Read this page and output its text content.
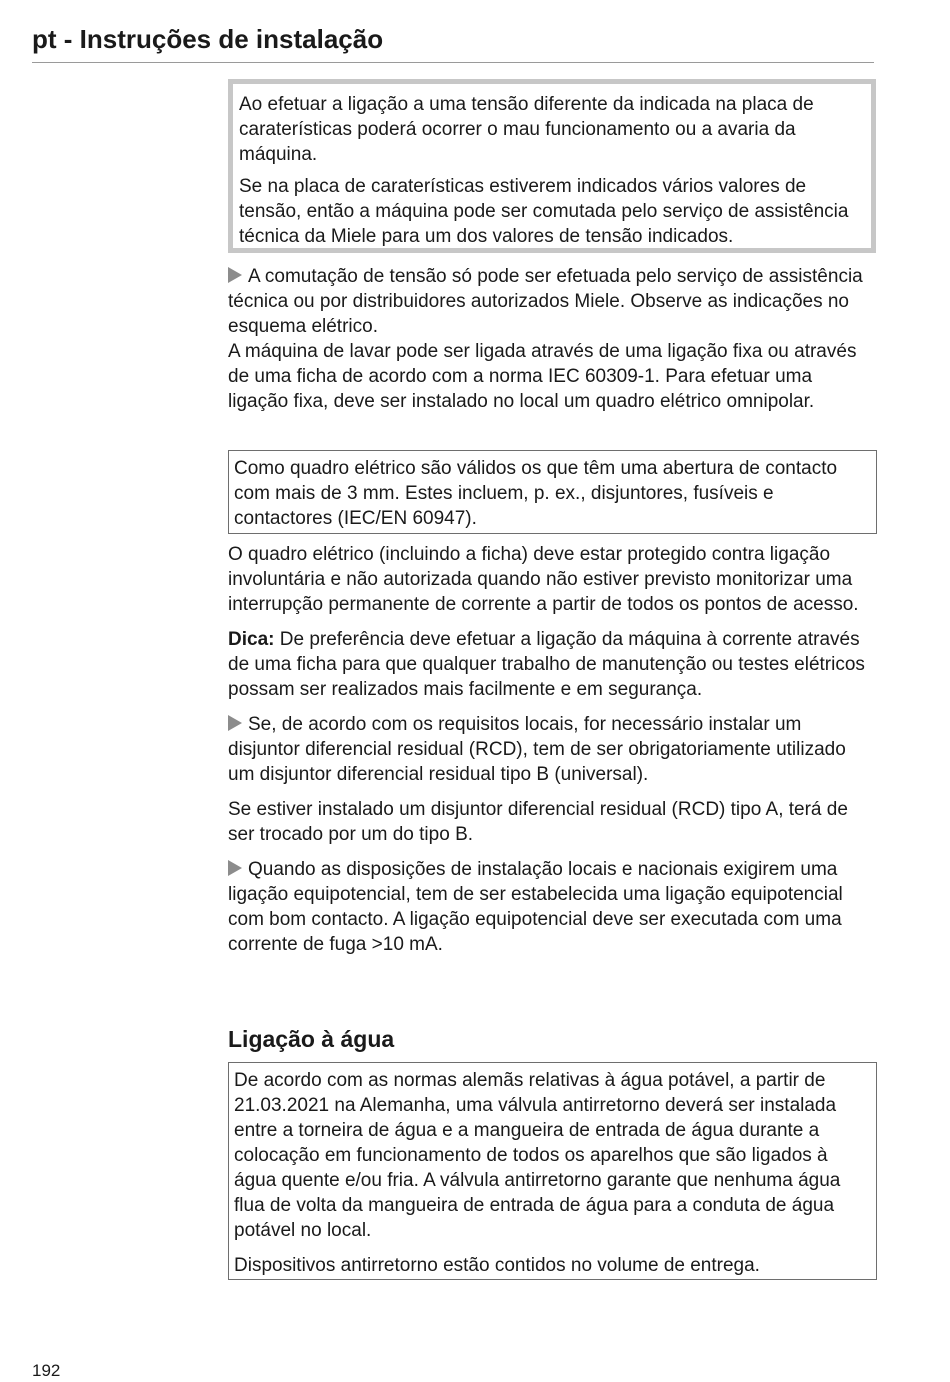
pt - Instruções de instalação

Ao efetuar a ligação a uma tensão diferente da indicada na placa de caraterísticas poderá ocorrer o mau funcionamento ou a avaria da máquina.

Se na placa de caraterísticas estiverem indicados vários valores de tensão, então a máquina pode ser comutada pelo serviço de assistência técnica da Miele para um dos valores de tensão indicados.

A comutação de tensão só pode ser efetuada pelo serviço de assistência técnica ou por distribuidores autorizados Miele. Observe as indicações no esquema elétrico.

A máquina de lavar pode ser ligada através de uma ligação fixa ou através de uma ficha de acordo com a norma IEC 60309-1. Para efetuar uma ligação fixa, deve ser instalado no local um quadro elétrico omnipolar.

Como quadro elétrico são válidos os que têm uma abertura de contacto com mais de 3 mm. Estes incluem, p. ex., disjuntores, fusíveis e contactores (IEC/EN 60947).

O quadro elétrico (incluindo a ficha) deve estar protegido contra ligação involuntária e não autorizada quando não estiver previsto monitorizar uma interrupção permanente de corrente a partir de todos os pontos de acesso.

Dica: De preferência deve efetuar a ligação da máquina à corrente através de uma ficha para que qualquer trabalho de manutenção ou testes elétricos possam ser realizados mais facilmente e em segurança.

Se, de acordo com os requisitos locais, for necessário instalar um disjuntor diferencial residual (RCD), tem de ser obrigatoriamente utilizado um disjuntor diferencial residual tipo B (universal).

Se estiver instalado um disjuntor diferencial residual (RCD) tipo A, terá de ser trocado por um do tipo B.

Quando as disposições de instalação locais e nacionais exigirem uma ligação equipotencial, tem de ser estabelecida uma ligação equipotencial com bom contacto. A ligação equipotencial deve ser executada com uma corrente de fuga >10 mA.

Ligação à água

De acordo com as normas alemãs relativas à água potável, a partir de 21.03.2021 na Alemanha, uma válvula antirretorno deverá ser instalada entre a torneira de água e a mangueira de entrada de água durante a colocação em funcionamento de todos os aparelhos que são ligados à água quente e/ou fria. A válvula antirretorno garante que nenhuma água flua de volta da mangueira de entrada de água para a conduta de água potável no local.

Dispositivos antirretorno estão contidos no volume de entrega.

192
